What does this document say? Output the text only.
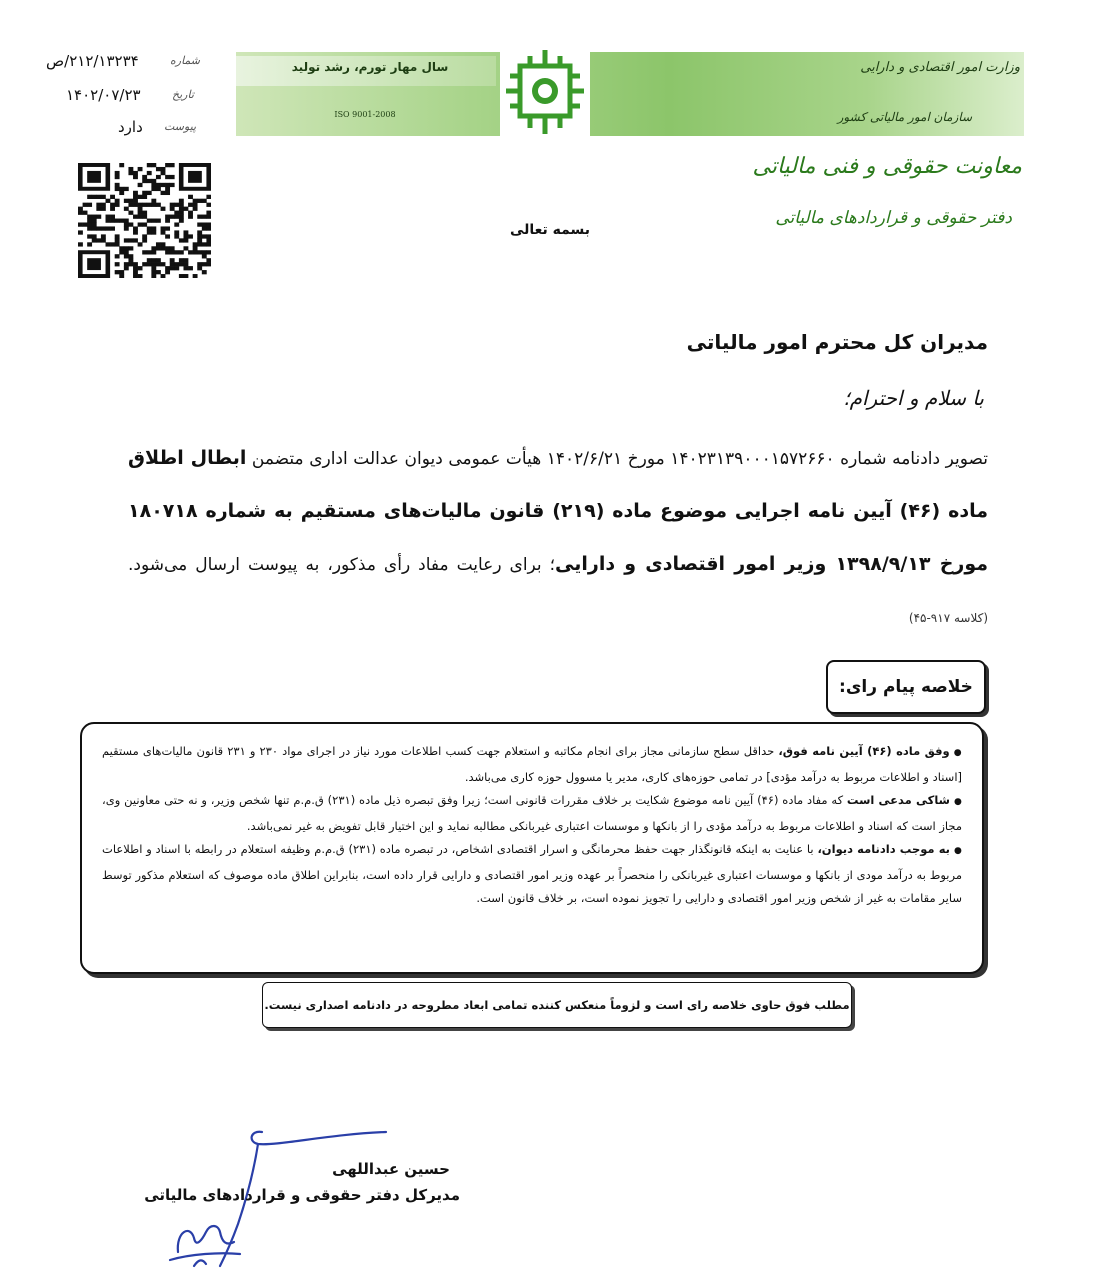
سال مهار تورم، رشد تولید
ISO 9001-2008
وزارت امور اقتصادی و دارایی
سازمان امور مالیاتی کشور
معاونت حقوقی و فنی مالیاتی
دفتر حقوقی و قراردادهای مالیاتی
۲۱۲/۱۳۲۳۴/ص	شماره
۱۴۰۲/۰۷/۲۳	تاریخ
دارد پیوست
بسمه تعالی
مدیران کل محترم امور مالیاتی
با سلام و احترام؛
تصویر دادنامه شماره ۱۴۰۲۳۱۳۹۰۰۰۱۵۷۲۶۶۰ مورخ ۱۴۰۲/۶/۲۱ هیأت عمومی دیوان عدالت اداری متضمن ابطال اطلاق ماده (۴۶) آیین نامه اجرایی موضوع ماده (۲۱۹) قانون مالیات‌های مستقیم به شماره ۱۸۰۷۱۸ مورخ ۱۳۹۸/۹/۱۳ وزیر امور اقتصادی و دارایی؛ برای رعایت مفاد رأی مذکور، به پیوست ارسال می‌شود. (کلاسه ۹۱۷-۴۵)
خلاصه پیام رای:

●وفق ماده (۴۶) آیین نامه فوق، حداقل سطح سازمانی مجاز برای انجام مکاتبه و استعلام جهت کسب اطلاعات مورد نیاز در اجرای مواد ۲۳۰ و ۲۳۱ قانون مالیات‌های مستقیم [اسناد و اطلاعات مربوط به درآمد مؤدی] در تمامی حوزه‌های کاری، مدیر یا مسوول حوزه کاری می‌باشد.

●شاکی مدعی است که مفاد ماده (۴۶) آیین نامه موضوع شکایت بر خلاف مقررات قانونی است؛ زیرا وفق تبصره ذیل ماده (۲۳۱) ق.م.م تنها شخص وزیر، و نه حتی معاونین وی، مجاز است که اسناد و اطلاعات مربوط به درآمد مؤدی را از بانکها و موسسات اعتباری غیربانکی مطالبه نماید و این اختیار قابل تفویض به غیر نمی‌باشد.

●به موجب دادنامه دیوان، با عنایت به اینکه قانونگذار جهت حفظ محرمانگی و اسرار اقتصادی اشخاص، در تبصره ماده (۲۳۱) ق.م.م وظیفه استعلام در رابطه با اسناد و اطلاعات مربوط به درآمد مودی از بانکها و موسسات اعتباری غیربانکی را منحصراً بر عهده وزیر امور اقتصادی و دارایی قرار داده است، بنابراین اطلاق ماده موصوف که استعلام مذکور توسط سایر مقامات به غیر از شخص وزیر امور اقتصادی و دارایی را تجویز نموده است، بر خلاف قانون است.

مطلب فوق حاوی خلاصه رای است و لزوماً منعکس کننده تمامی ابعاد مطروحه در دادنامه اصداری نیست.
حسین عبداللهی
مدیرکل دفتر حقوقی و قراردادهای مالیاتی
